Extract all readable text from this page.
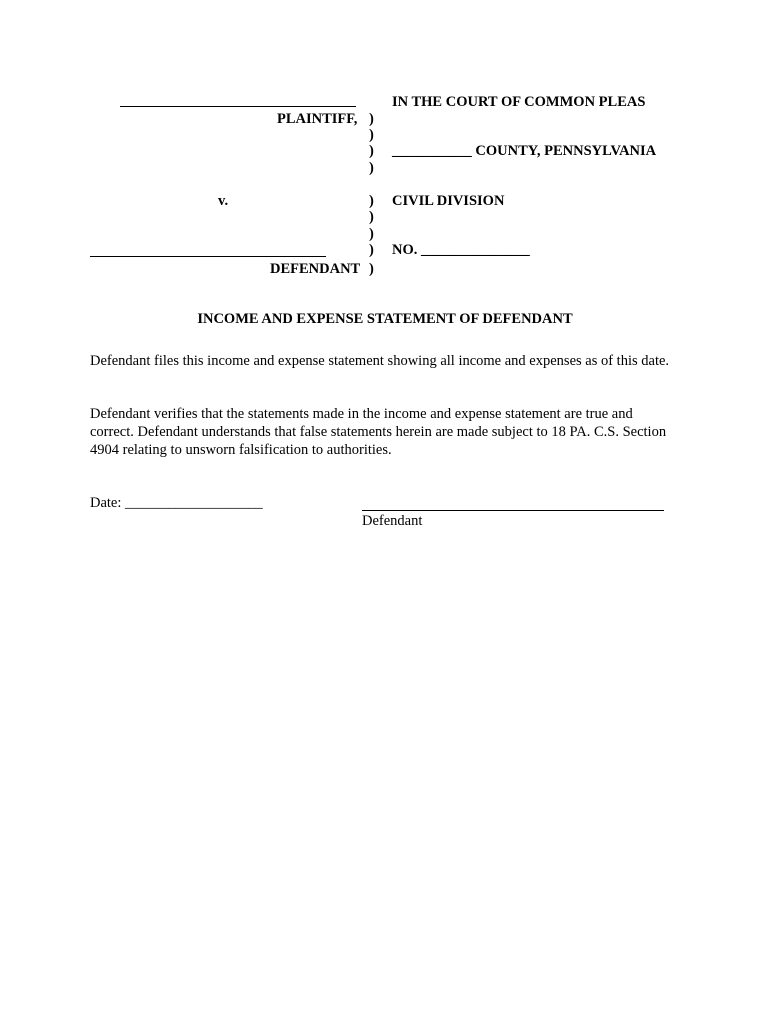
PLAINTIFF,
v.
DEFENDANT
)
)
)
)
)
)
)
)
)
IN THE COURT OF COMMON PLEAS
___________ COUNTY, PENNSYLVANIA
CIVIL DIVISION
NO. _______________
INCOME AND EXPENSE STATEMENT OF DEFENDANT
Defendant files this income and expense statement showing all income and expenses as of this date.
Defendant verifies that the statements made in the income and expense statement are true and correct. Defendant understands that false statements herein are made subject to 18 PA. C.S. Section 4904 relating to unsworn falsification to authorities.
Date: ___________________
Defendant
